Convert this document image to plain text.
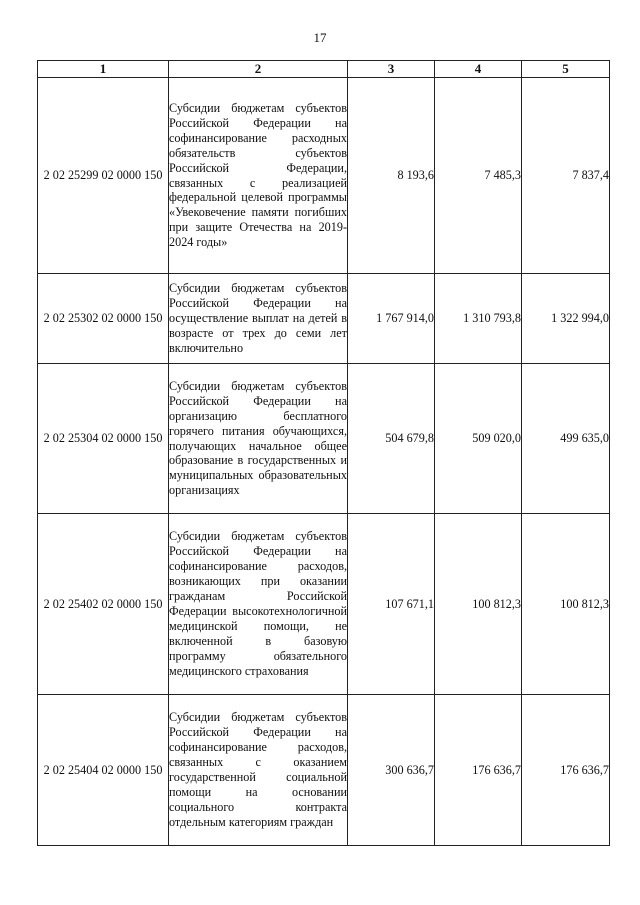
17
1	2	3	4	5
2 02 25299 02 0000 150	Субсидии бюджетам субъектов Российской Федерации на софинансирование расходных обязательств субъектов Российской Федерации, связанных с реализацией федеральной целевой программы «Увековечение памяти погибших при защите Отечества на 2019-2024 годы»	8 193,6	7 485,3	7 837,4
2 02 25302 02 0000 150	Субсидии бюджетам субъектов Российской Федерации на осуществление выплат на детей в возрасте от трех до семи лет включительно	1 767 914,0	1 310 793,8	1 322 994,0
2 02 25304 02 0000 150	Субсидии бюджетам субъектов Российской Федерации на организацию бесплатного горячего питания обучающихся, получающих начальное общее образование в государственных и муниципальных образовательных организациях	504 679,8	509 020,0	499 635,0
2 02 25402 02 0000 150	Субсидии бюджетам субъектов Российской Федерации на софинансирование расходов, возникающих при оказании гражданам Российской Федерации высокотехнологичной медицинской помощи, не включенной в базовую программу обязательного медицинского страхования	107 671,1	100 812,3	100 812,3
2 02 25404 02 0000 150	Субсидии бюджетам субъектов Российской Федерации на софинансирование расходов, связанных с оказанием государственной социальной помощи на основании социального контракта отдельным категориям граждан	300 636,7	176 636,7	176 636,7
